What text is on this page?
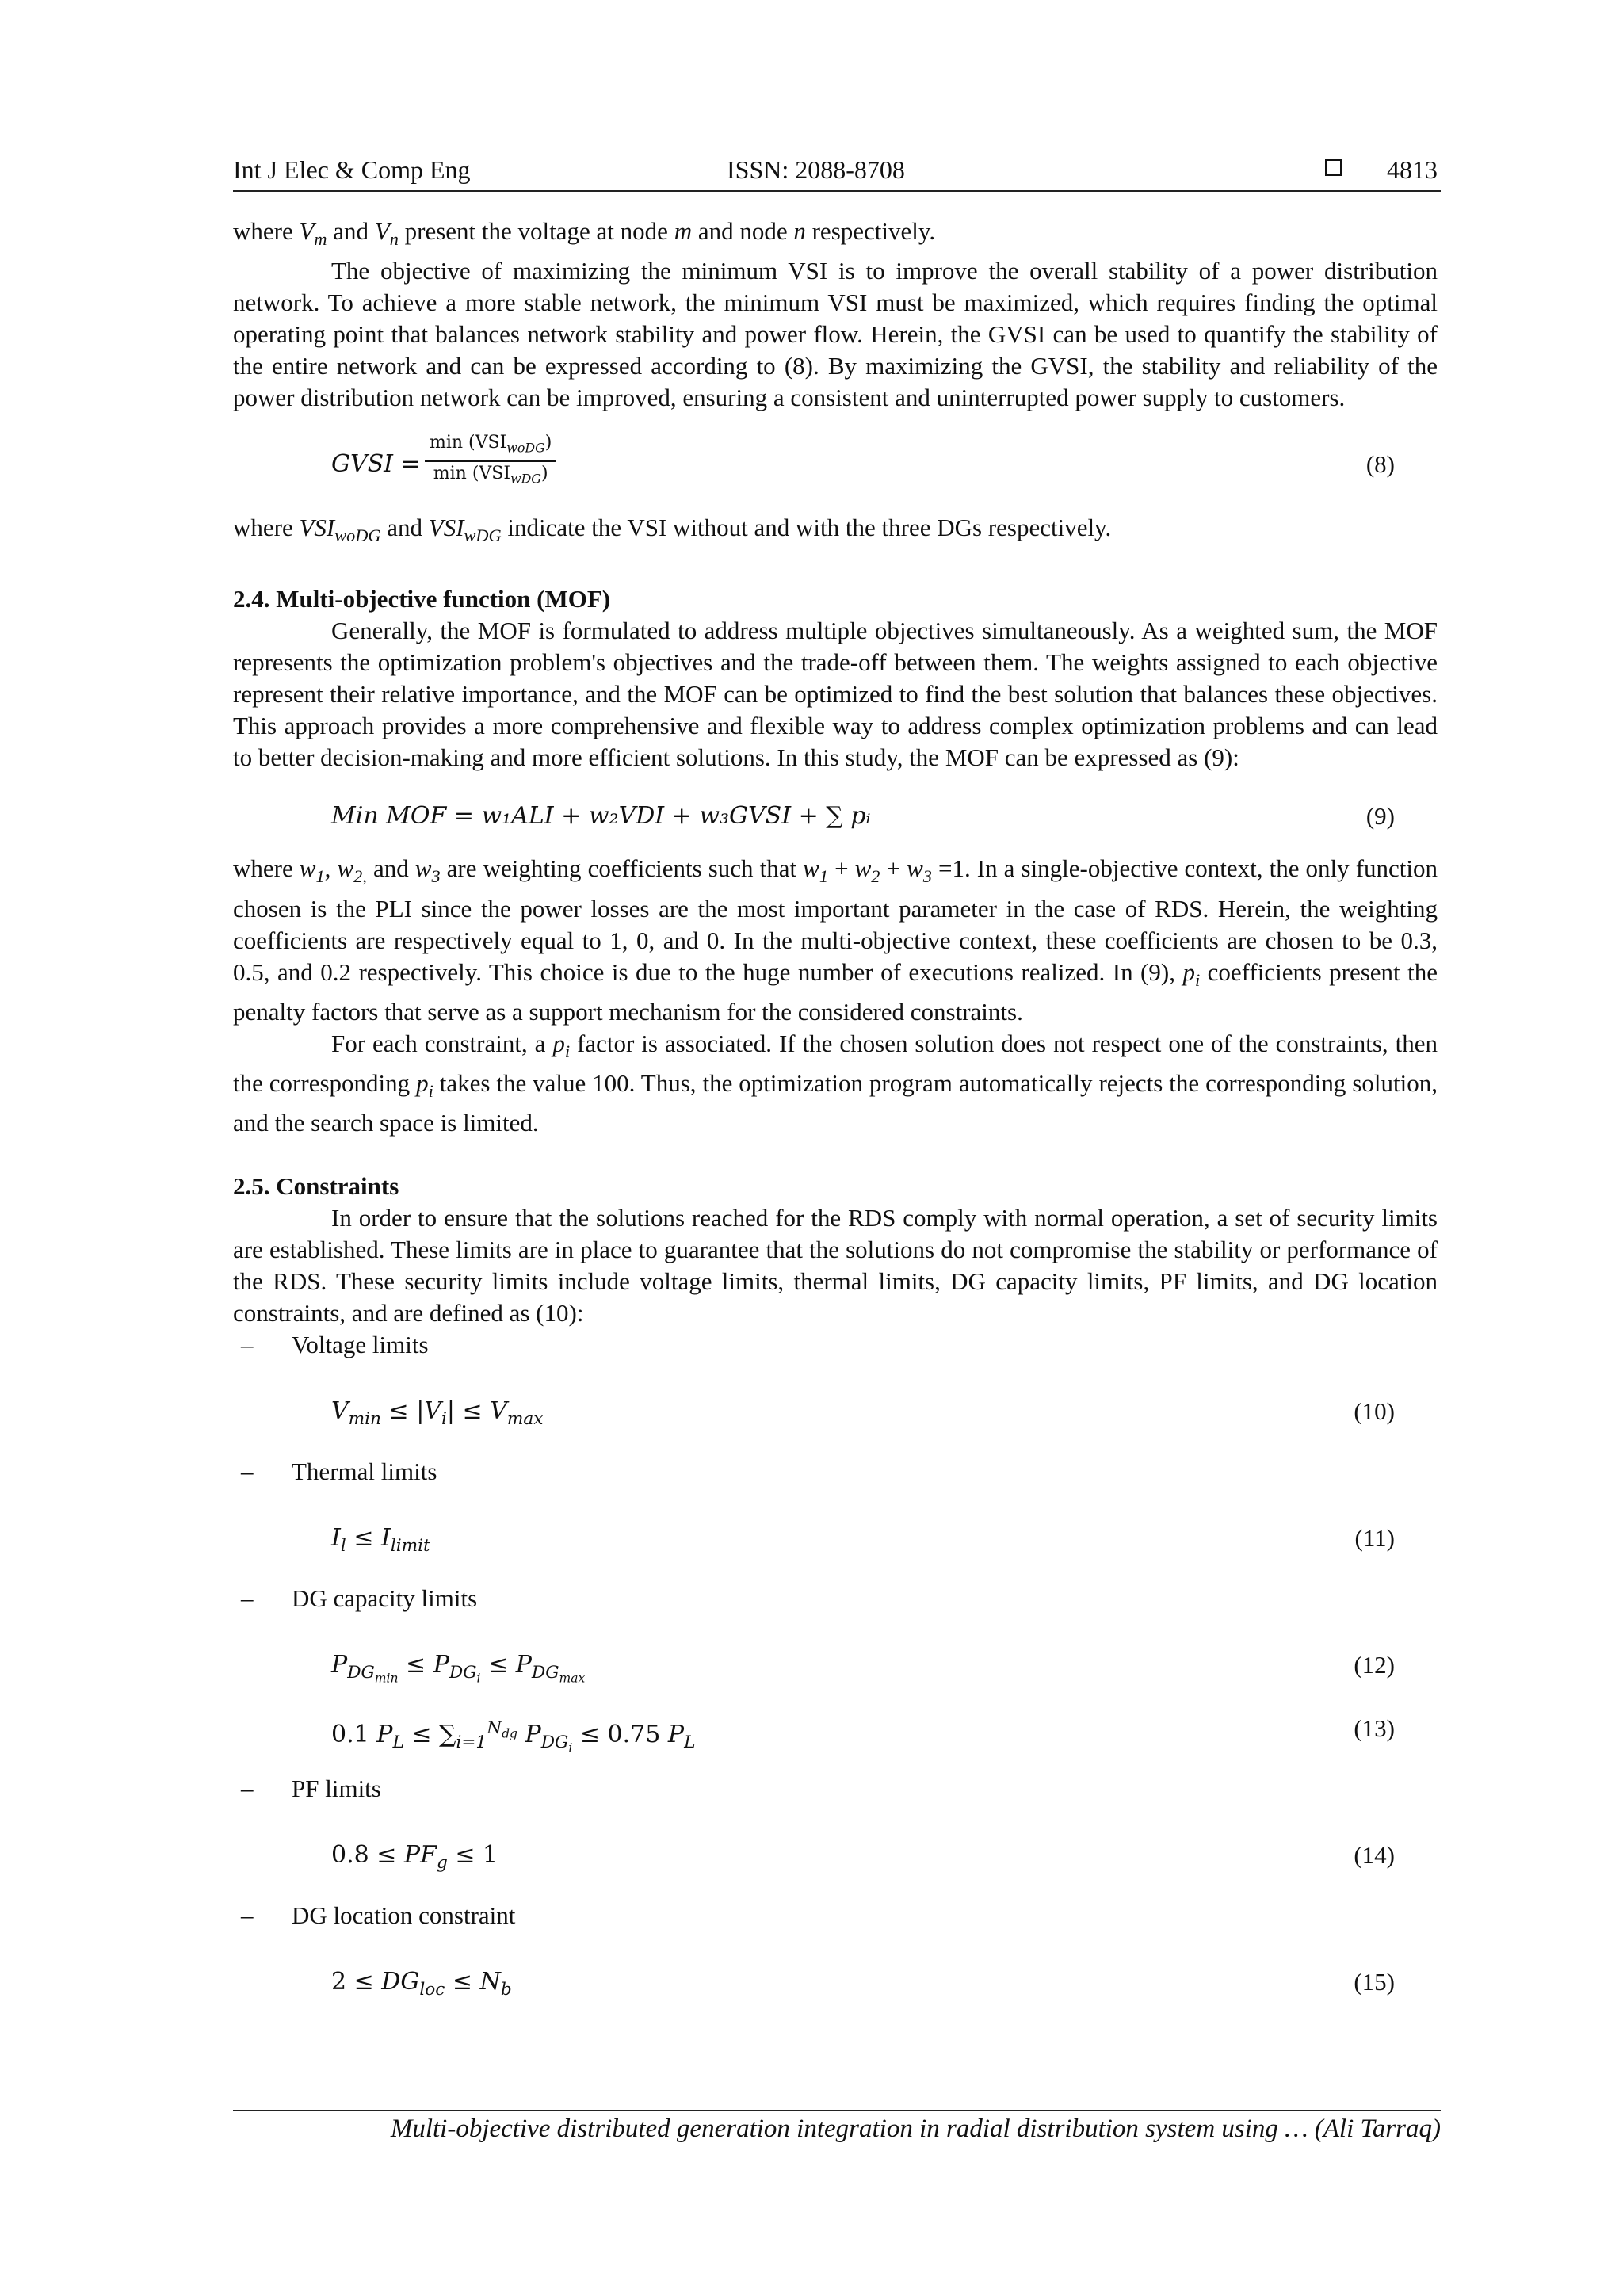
Int J Elec & Comp Eng	ISSN: 2088-8708	4813

where $V_m$ and $V_n$ present the voltage at node m and node n respectively.

The objective of maximizing the minimum VSI is to improve the overall stability of a power distribution network. To achieve a more stable network, the minimum VSI must be maximized, which requires finding the optimal operating point that balances network stability and power flow. Herein, the GVSI can be used to quantify the stability of the entire network and can be expressed according to (8). By maximizing the GVSI, the stability and reliability of the power distribution network can be improved, ensuring a consistent and uninterrupted power supply to customers.

GVSI =
$\min (VSI_{woDG})$
$\min (VSI_{wDG})$	(8)

where $VSI_{woDG}$ and $VSI_{wDG}$ indicate the VSI without and with the three DGs respectively.

2.4. Multi-objective function (MOF)

Generally, the MOF is formulated to address multiple objectives simultaneously. As a weighted sum, the MOF represents the optimization problem's objectives and the trade-off between them. The weights assigned to each objective represent their relative importance, and the MOF can be optimized to find the best solution that balances these objectives. This approach provides a more comprehensive and flexible way to address complex optimization problems and can lead to better decision-making and more efficient solutions. In this study, the MOF can be expressed as (9):

Min MOF = w₁ALI + w₂VDI + w₃GVSI + ∑ pᵢ	(9)

where $w_1$, $w_{2,}$ and $w_3$ are weighting coefficients such that $w_1 + w_2 + w_3 =1$. In a single-objective context, the only function chosen is the PLI since the power losses are the most important parameter in the case of RDS. Herein, the weighting coefficients are respectively equal to 1, 0, and 0. In the multi-objective context, these coefficients are chosen to be 0.3, 0.5, and 0.2 respectively. This choice is due to the huge number of executions realized. In (9), $p_i$ coefficients present the penalty factors that serve as a support mechanism for the considered constraints.

For each constraint, a $p_i$ factor is associated. If the chosen solution does not respect one of the constraints, then the corresponding $p_i$ takes the value 100. Thus, the optimization program automatically rejects the corresponding solution, and the search space is limited.

2.5. Constraints

In order to ensure that the solutions reached for the RDS comply with normal operation, a set of security limits are established. These limits are in place to guarantee that the solutions do not compromise the stability or performance of the RDS. These security limits include voltage limits, thermal limits, DG capacity limits, PF limits, and DG location constraints, and are defined as (10):

– Voltage limits
$V_{min} \le |V_i| \le V_{max}$	(10)
– Thermal limits
$I_l \le I_{limit}$	(11)
– DG capacity limits
$P_{DG_{min}} \le P_{DG_i} \le P_{DG_{max}}$	(12)
0.1 $P_L \le \sum_{i=1}^{N_{dg}}$ $P_{DG_i} \le 0.75$ $P_L$
(13)
– PF limits
$0.8 \le PF_g \le 1$	(14)
– DG location constraint
$2 \le DG_{loc} \le N_b$	(15)
Multi-objective distributed generation integration in radial distribution system using … (Ali Tarraq)
